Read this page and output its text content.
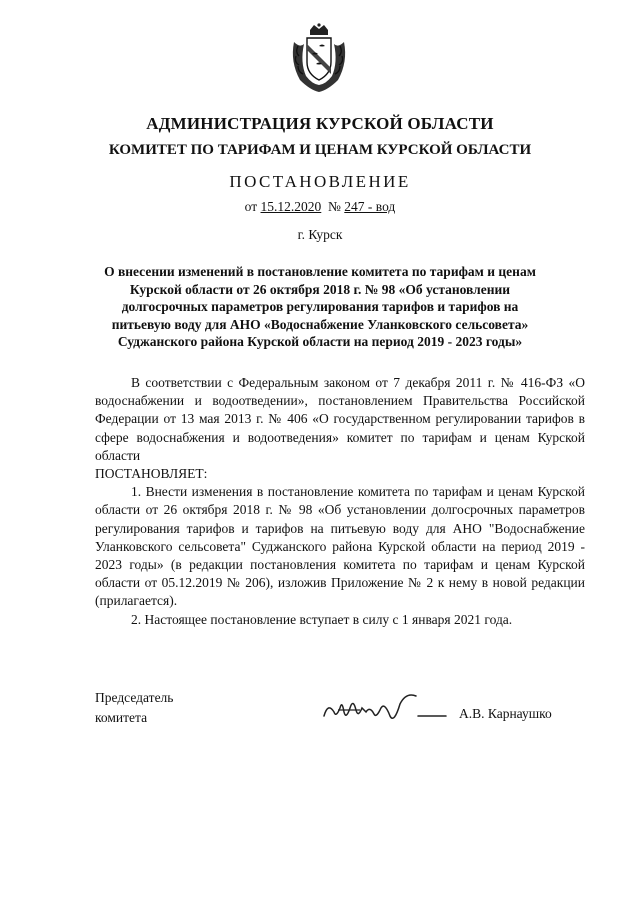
АДМИНИСТРАЦИЯ КУРСКОЙ ОБЛАСТИ
КОМИТЕТ ПО ТАРИФАМ И ЦЕНАМ КУРСКОЙ ОБЛАСТИ
ПОСТАНОВЛЕНИЕ
от 15.12.2020 № 247 - вод
г. Курск
О внесении изменений в постановление комитета по тарифам и ценам Курской области от 26 октября 2018 г. № 98 «Об установлении долгосрочных параметров регулирования тарифов и тарифов на питьевую воду для АНО «Водоснабжение Уланковского сельсовета» Суджанского района Курской области на период 2019 - 2023 годы»

В соответствии с Федеральным законом от 7 декабря 2011 г. № 416-ФЗ «О водоснабжении и водоотведении», постановлением Правительства Российской Федерации от 13 мая 2013 г. № 406 «О государственном регулировании тарифов в сфере водоснабжения и водоотведения» комитет по тарифам и ценам Курской области

ПОСТАНОВЛЯЕТ:

1. Внести изменения в постановление комитета по тарифам и ценам Курской области от 26 октября 2018 г. № 98 «Об установлении долгосрочных параметров регулирования тарифов и тарифов на питьевую воду для АНО "Водоснабжение Уланковского сельсовета" Суджанского района Курской области на период 2019 - 2023 годы» (в редакции постановления комитета по тарифам и ценам Курской области от 05.12.2019 № 206), изложив Приложение № 2 к нему в новой редакции (прилагается).

2. Настоящее постановление вступает в силу с 1 января 2021 года.

Председатель
комитета	А.В. Карнаушко
